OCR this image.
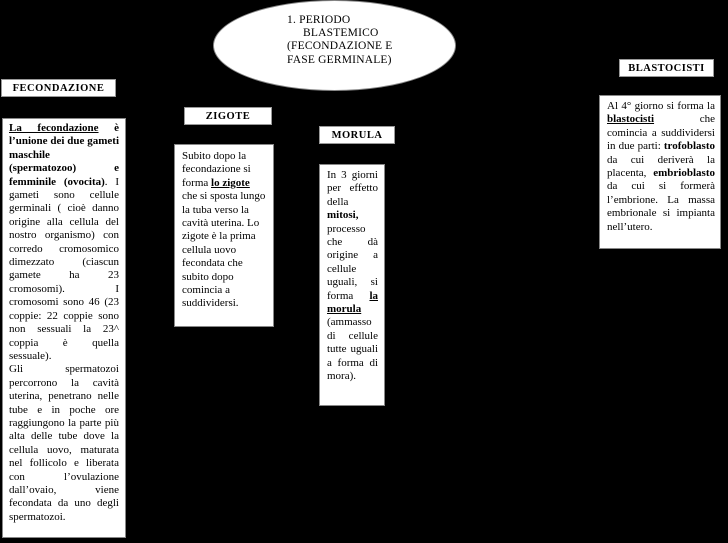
1. PERIODO
BLASTEMICO
(FECONDAZIONE E FASE GERMINALE)
FECONDAZIONE
La fecondazione è l’unione dei due gameti maschile (spermatozoo) e femminile (ovocita). I gameti sono cellule germinali ( cioè danno origine alla cellula del nostro organismo) con corredo cromosomico dimezzato (ciascun gamete ha 23 cromosomi). I cromosomi sono 46 (23 coppie: 22 coppie sono non sessuali la 23^ coppia è quella sessuale).
Gli spermatozoi percorrono la cavità uterina, penetrano nelle tube e in poche ore raggiungono la parte più alta delle tube dove la cellula uovo, maturata nel follicolo e liberata con l’ovulazione dall’ovaio, viene fecondata da uno degli spermatozoi.
ZIGOTE
Subito dopo la fecondazione si forma lo zigote che si sposta lungo la tuba verso la cavità uterina. Lo zigote è la prima cellula uovo fecondata che subito dopo comincia a suddividersi.
MORULA
In 3 giorni per effetto della mitosi, processo che dà origine a cellule uguali, si forma la morula (ammasso di cellule tutte uguali a forma di mora).
BLASTOCISTI
Al 4° giorno si forma la blastocisti che comincia a suddividersi in due parti: trofoblasto da cui deriverà la placenta, embrioblasto da cui si formerà l’embrione. La massa embrionale si impianta nell’utero.
